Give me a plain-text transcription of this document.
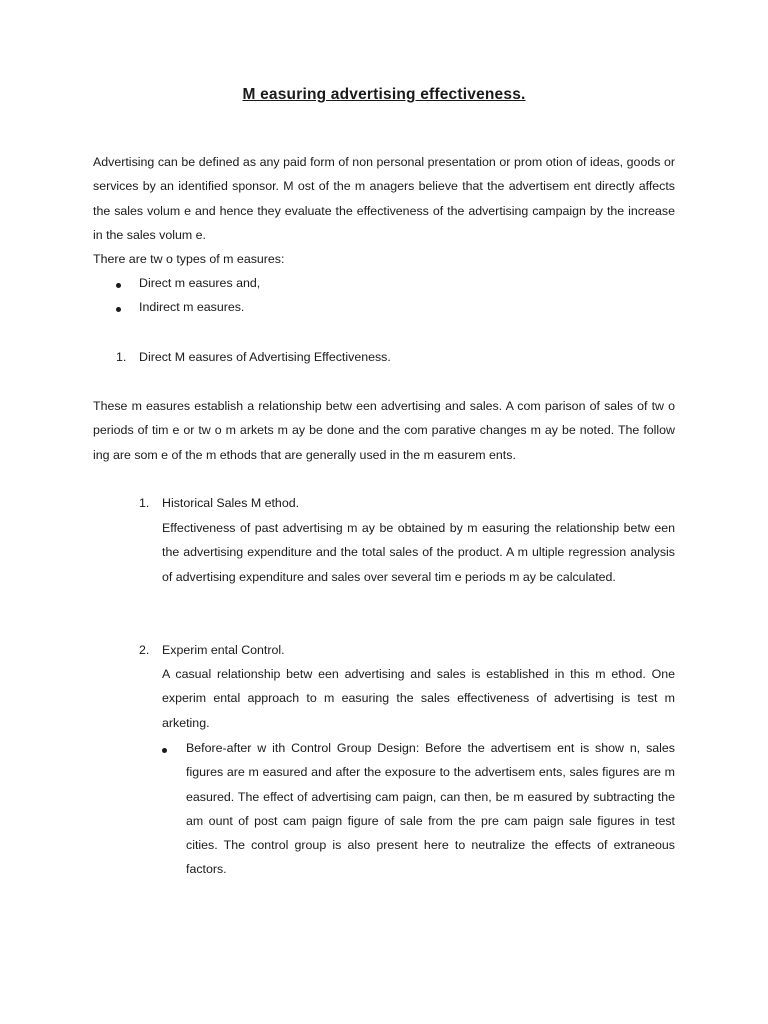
M easuring advertising effectiveness.
Advertising can be defined as any paid form of non personal presentation or prom otion of ideas, goods or services by an identified sponsor. M ost of the m anagers believe that the advertisem ent directly affects the sales volum e and hence they evaluate the effectiveness of the advertising campaign by the increase in the sales volum e.
There are tw o types of m easures:
Direct m easures and,
Indirect m easures.
1. Direct M easures of Advertising Effectiveness.
These m easures establish a relationship betw een advertising and sales. A com parison of sales of tw o periods of tim e or tw o m arkets m ay be done and the com parative changes m ay be noted. The follow ing are som e of the m ethods that are generally used in the m easurem ents.
1. Historical Sales M ethod.
Effectiveness of past advertising m ay be obtained by m easuring the relationship betw een the advertising expenditure and the total sales of the product. A m ultiple regression analysis of advertising expenditure and sales over several tim e periods m ay be calculated.
2. Experim ental Control.
A casual relationship betw een advertising and sales is established in this m ethod. One experim ental approach to m easuring the sales effectiveness of advertising is test m arketing.
Before-after w ith Control Group Design: Before the advertisem ent is show n, sales figures are m easured and after the exposure to the advertisem ents, sales figures are m easured. The effect of advertising cam paign, can then, be m easured by subtracting the am ount of post cam paign figure of sale from the pre cam paign sale figures in test cities. The control group is also present here to neutralize the effects of extraneous factors.
